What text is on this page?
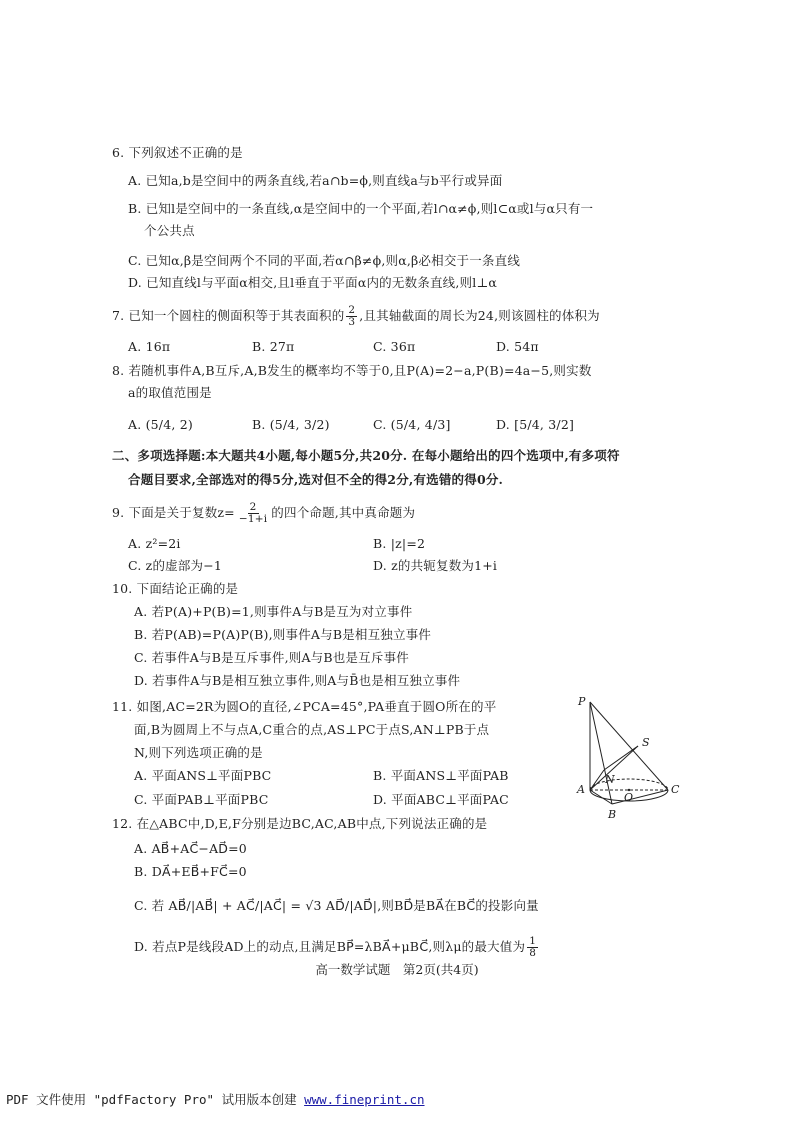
6. 下列叙述不正确的是
A. 已知a,b是空间中的两条直线,若a∩b=ϕ,则直线a与b平行或异面
B. 已知l是空间中的一条直线,α是空间中的一个平面,若l∩α≠ϕ,则l⊂α或l与α只有一
个公共点
C. 已知α,β是空间两个不同的平面,若α∩β≠ϕ,则α,β必相交于一条直线
D. 已知直线l与平面α相交,且l垂直于平面α内的无数条直线,则l⊥α
7. 已知一个圆柱的侧面积等于其表面积的 $\frac{2}{3}$ ,且其轴截面的周长为24,则该圆柱的体积为
A. 16π	B. 27π	C. 36π	D. 54π
8. 若随机事件A,B互斥,A,B发生的概率均不等于0,且P(A)=2−a,P(B)=4a−5,则实数
a的取值范围是
A. (5/4, 2)	B. (5/4, 3/2)	C. (5/4, 4/3]	D. [5/4, 3/2]
二、多项选择题:本大题共4小题,每小题5分,共20分. 在每小题给出的四个选项中,有多项符
合题目要求,全部选对的得5分,选对但不全的得2分,有选错的得0分.
9. 下面是关于复数$z= \frac{2}{-1+i}$ 的四个命题,其中真命题为
A. z²=2i	B. |z|=2
C. z的虚部为−1	D. z的共轭复数为1+i
10. 下面结论正确的是
A. 若P(A)+P(B)=1,则事件A与B是互为对立事件
B. 若P(AB)=P(A)P(B),则事件A与B是相互独立事件
C. 若事件A与B是互斥事件,则A与B也是互斥事件
D. 若事件A与B是相互独立事件,则A与B̄也是相互独立事件
11. 如图,AC=2R为圆O的直径,∠PCA=45°,PA垂直于圆O所在的平
面,B为圆周上不与点A,C重合的点,AS⊥PC于点S,AN⊥PB于点
N,则下列选项正确的是
A. 平面ANS⊥平面PBC	B. 平面ANS⊥平面PAB
C. 平面PAB⊥平面PBC	D. 平面ABC⊥平面PAC
P
S
N
A
O
C
B
12. 在△ABC中,D,E,F分别是边BC,AC,AB中点,下列说法正确的是
A. AB⃗+AC⃗−AD⃗=0
B. DA⃗+EB⃗+FC⃗=0
C. 若 AB⃗/|AB⃗| + AC⃗/|AC⃗| = √3 AD⃗/|AD⃗|,则BD⃗是BA⃗在BC⃗的投影向量
D. 若点P是线段AD上的动点,且满足BP⃗=λBA⃗+μBC⃗,则λμ的最大值为 $\frac{1}{8}$
高一数学试题　第2页(共4页)
PDF 文件使用 "pdfFactory Pro" 试用版本创建 www.fineprint.cn
